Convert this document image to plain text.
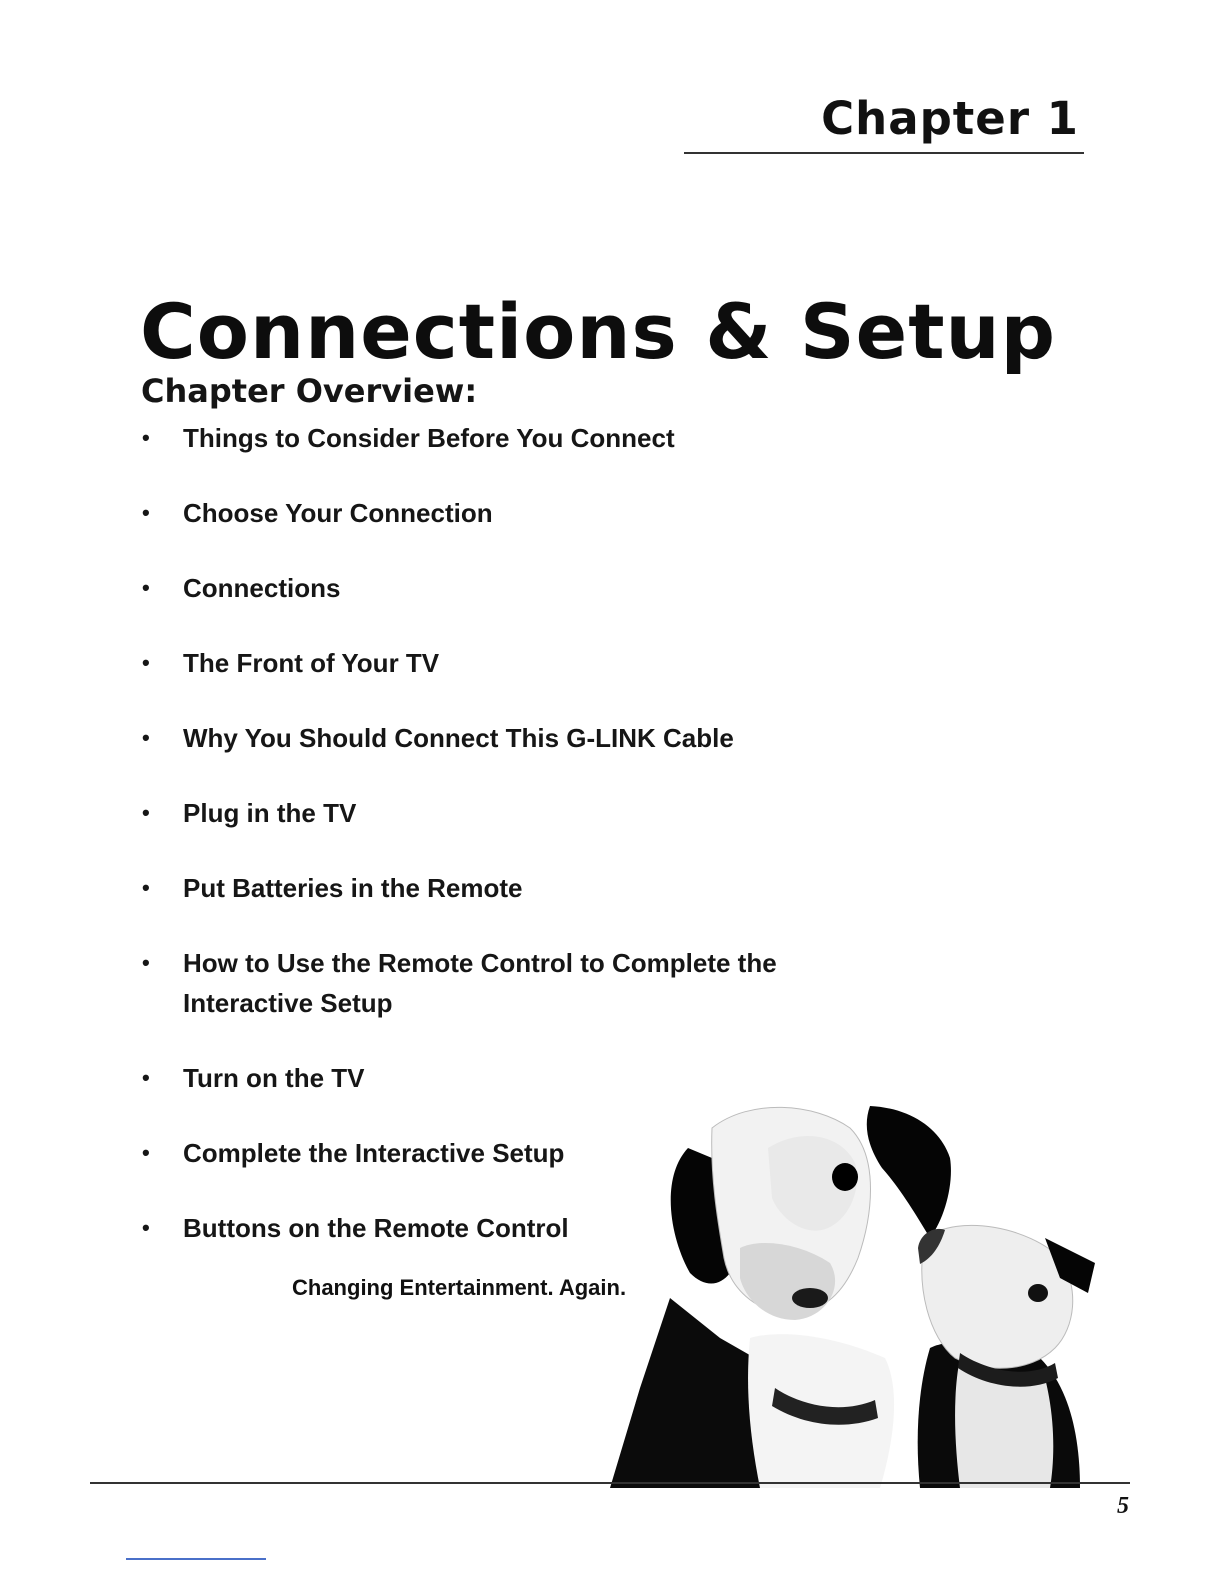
Chapter 1
Connections & Setup
Chapter Overview:
• Things to Consider Before You Connect
• Choose Your Connection
• Connections
• The Front of Your TV
• Why You Should Connect This G-LINK Cable
• Plug in the TV
• Put Batteries in the Remote
• How to Use the Remote Control to Complete the Interactive Setup
• Turn on the TV
• Complete the Interactive Setup
• Buttons on the Remote Control
Changing Entertainment. Again.
5
